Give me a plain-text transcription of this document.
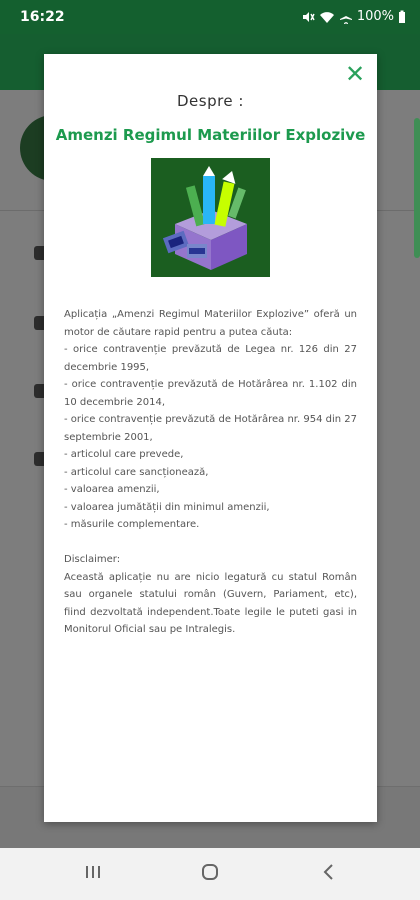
16:22	100%
✕
Despre :
Amenzi Regimul Materiilor Explozive

Aplicația „Amenzi Regimul Materiilor Explozive” oferă un motor de căutare rapid pentru a putea căuta:

- orice contravenție prevăzută de Legea nr. 126 din 27 decembrie 1995,

- orice contravenție prevăzută de Hotărârea nr. 1.102 din 10 decembrie 2014,

- orice contravenție prevăzută de Hotărârea nr. 954 din 27 septembrie 2001,

- articolul care prevede,

- articolul care sancționează,

- valoarea amenzii,

- valoarea jumătății din minimul amenzii,

- măsurile complementare.

Disclaimer:

Această aplicație nu are nicio legatură cu statul Român sau organele statului român (Guvern, Pariament, etc), fiind dezvoltată independent.Toate legile le puteti gasi in Monitorul Oficial sau pe Intralegis.
